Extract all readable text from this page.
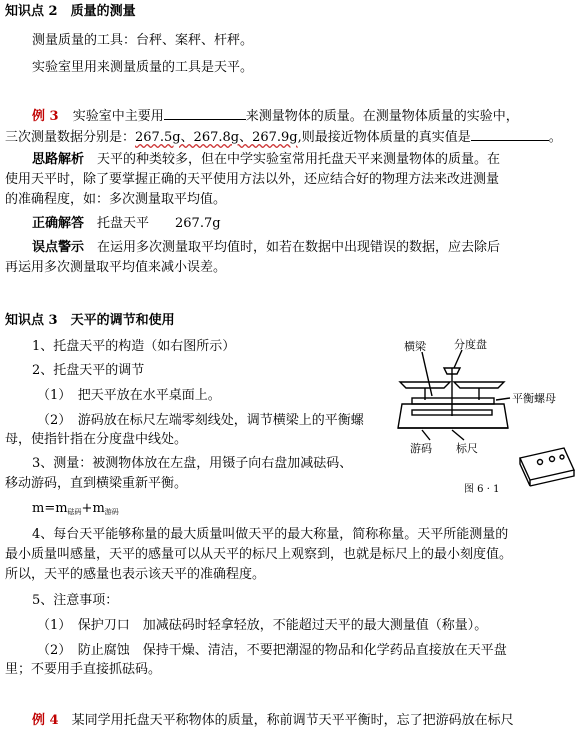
知识点 2　质量的测量
测量质量的工具：台秤、案秤、杆秤。
实验室里用来测量质量的工具是天平。
例 3 实验室中主要用	来测量物体的质量。在测量物体质量的实验中，
三次测量数据分别是：267.5g、267.8g、267.9g,则最接近物体质量的真实值是	。
思路解析　天平的种类较多，但在中学实验室常用托盘天平来测量物体的质量。在
使用天平时，除了要掌握正确的天平使用方法以外，还应结合好的物理方法来改进测量
的准确程度，如：多次测量取平均值。
正确解答　托盘天平　　267.7g
误点警示　在运用多次测量取平均值时，如若在数据中出现错误的数据，应去除后
再运用多次测量取平均值来减小误差。
知识点 3　天平的调节和使用
1、托盘天平的构造（如右图所示）
2、托盘天平的调节
（1）　把天平放在水平桌面上。
（2）　游码放在标尺左端零刻线处，调节横梁上的平衡螺
母，使指针指在分度盘中线处。
3、测量：被测物体放在左盘，用镊子向右盘加减砝码、
移动游码，直到横梁重新平衡。
$m=m_{砝码}+m_{游码}$
4、每台天平能够称量的最大质量叫做天平的最大称量，简称称量。天平所能测量的
最小质量叫感量，天平的感量可以从天平的标尺上观察到，也就是标尺上的最小刻度值。
所以，天平的感量也表示该天平的准确程度。
5、注意事项：
（1）　保护刀口　加减砝码时轻拿轻放，不能超过天平的最大测量值（称量）。
（2）　防止腐蚀　保持干燥、清洁，不要把潮湿的物品和化学药品直接放在天平盘
里；不要用手直接抓砝码。
例 4　某同学用托盘天平称物体的质量，称前调节天平平衡时，忘了把游码放在标尺
横梁	分度盘
平衡螺母
游码 标尺
图 6 · 1
